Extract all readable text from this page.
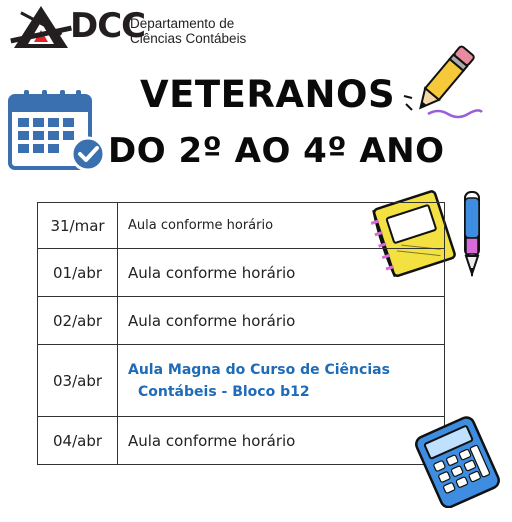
DCC
Departamento de
Ciências Contábeis
VETERANOS
DO 2º AO 4º ANO
31/mar	Aula conforme horário
01/abr	Aula conforme horário
02/abr	Aula conforme horário
03/abr	Aula Magna do Curso de Ciências
Contábeis - Bloco b12

04/abr	Aula conforme horário
